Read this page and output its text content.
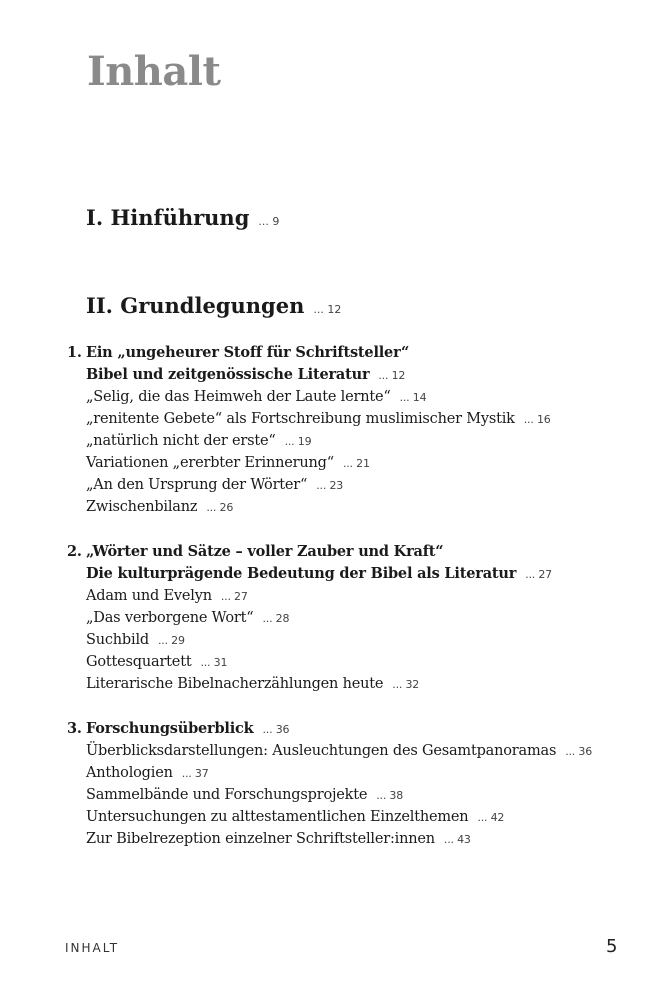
Inhalt
I. Hinführung ... 9
II. Grundlegungen ... 12
1. Ein „ungeheurer Stoff für Schriftsteller“
Bibel und zeitgenössische Literatur ... 12
„Selig, die das Heimweh der Laute lernte“ ... 14
„renitente Gebete“ als Fortschreibung muslimischer Mystik ... 16
„natürlich nicht der erste“ ... 19
Variationen „ererbter Erinnerung“ ... 21
„An den Ursprung der Wörter“ ... 23
Zwischenbilanz ... 26
2. „Wörter und Sätze – voller Zauber und Kraft“
Die kulturprägende Bedeutung der Bibel als Literatur ... 27
Adam und Evelyn ... 27
„Das verborgene Wort“ ... 28
Suchbild ... 29
Gottesquartett ... 31
Literarische Bibelnacherzählungen heute ... 32
3. Forschungsüberblick ... 36
Überblicksdarstellungen: Ausleuchtungen des Gesamtpanoramas ... 36
Anthologien ... 37
Sammelbände und Forschungsprojekte ... 38
Untersuchungen zu alttestamentlichen Einzelthemen ... 42
Zur Bibelrezeption einzelner Schriftsteller:innen ... 43
INHALT	5
